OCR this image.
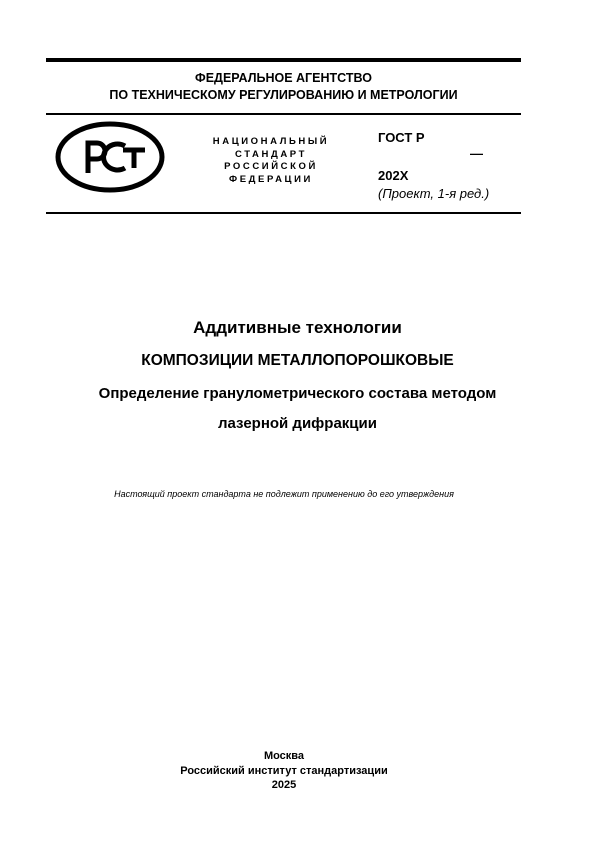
ФЕДЕРАЛЬНОЕ АГЕНТСТВО
ПО ТЕХНИЧЕСКОМУ РЕГУЛИРОВАНИЮ И МЕТРОЛОГИИ
НАЦИОНАЛЬНЫЙ
СТАНДАРТ
РОССИЙСКОЙ
ФЕДЕРАЦИИ
ГОСТ Р
—
202X
(Проект, 1-я ред.)
Аддитивные технологии
КОМПОЗИЦИИ МЕТАЛЛОПОРОШКОВЫЕ
Определение гранулометрического состава методом
лазерной дифракции
Настоящий проект стандарта не подлежит применению до его утверждения
Москва
Российский институт стандартизации
2025
